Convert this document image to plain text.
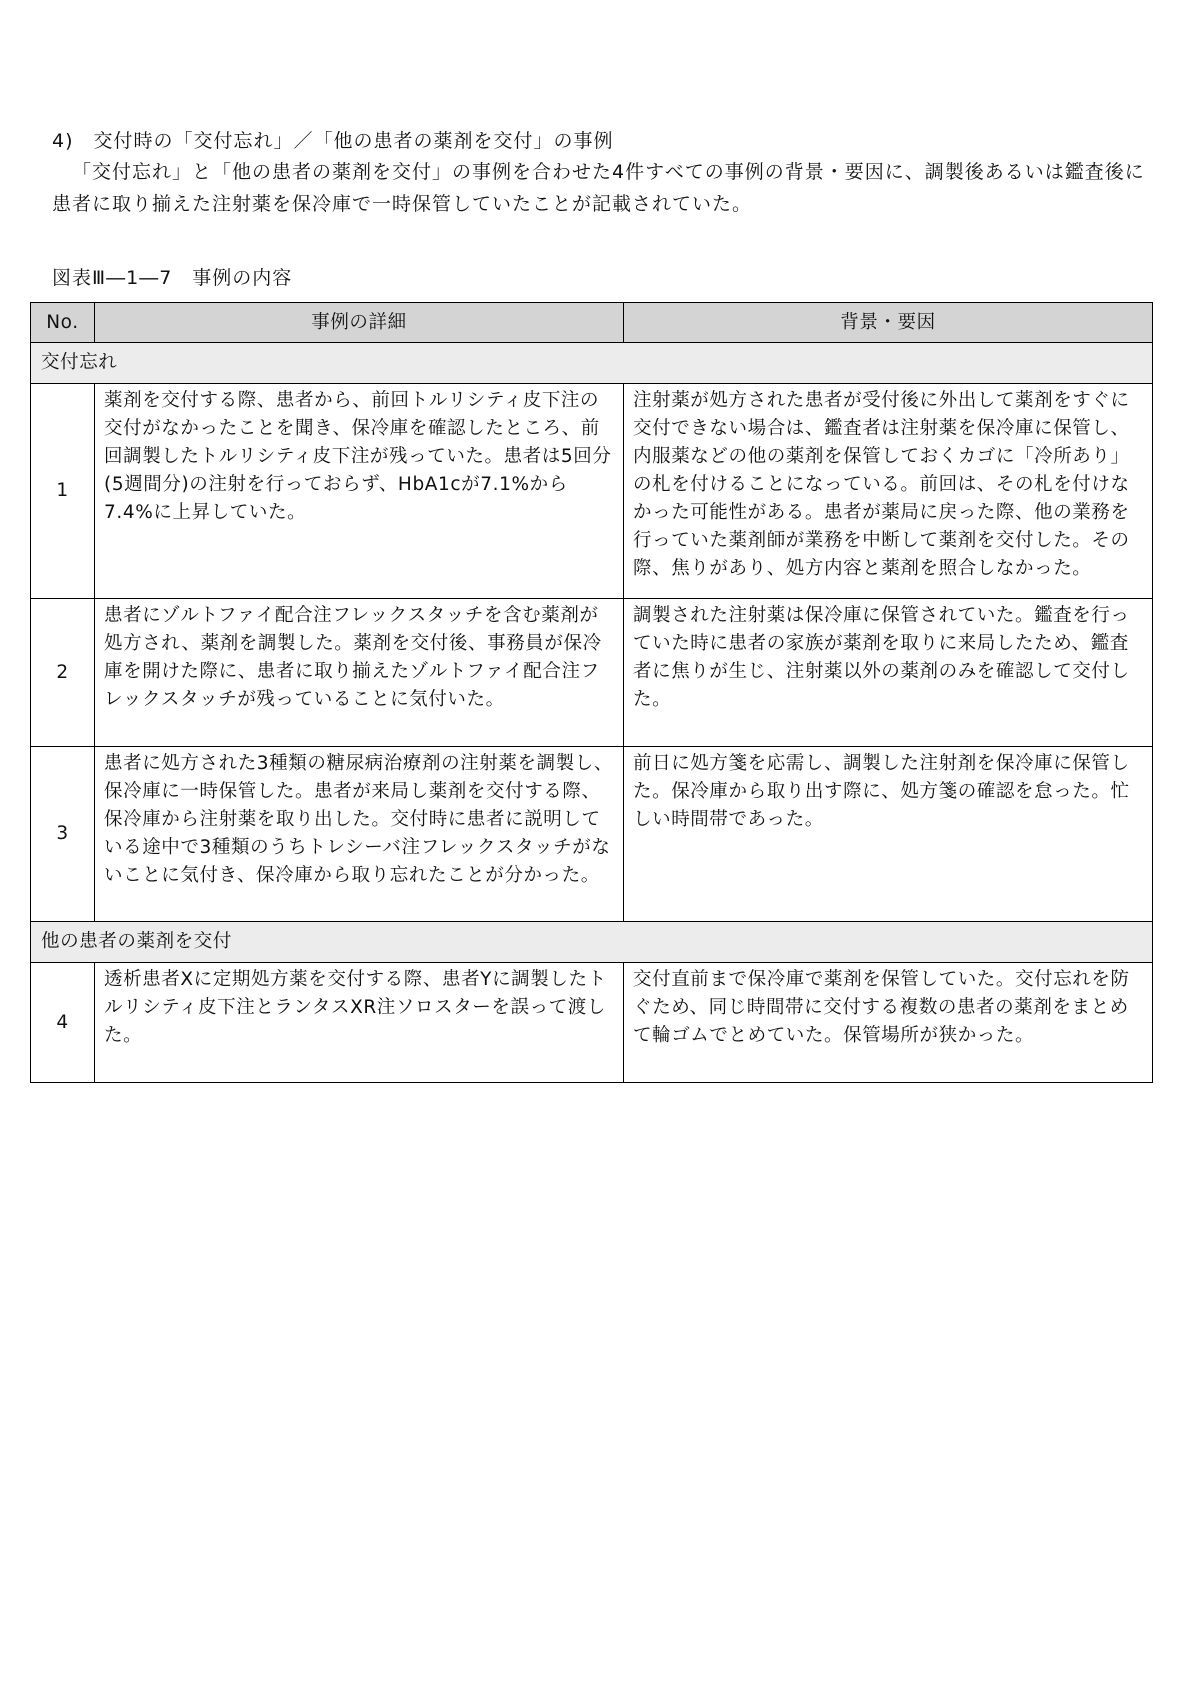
4)　交付時の「交付忘れ」／「他の患者の薬剤を交付」の事例

「交付忘れ」と「他の患者の薬剤を交付」の事例を合わせた4件すべての事例の背景・要因に、調製後あるいは鑑査後に患者に取り揃えた注射薬を保冷庫で一時保管していたことが記載されていた。

図表Ⅲ―1―7　事例の内容

No.	事例の詳細	背景・要因
交付忘れ		
1	薬剤を交付する際、患者から、前回トルリシティ皮下注の交付がなかったことを聞き、保冷庫を確認したところ、前回調製したトルリシティ皮下注が残っていた。患者は5回分(5週間分)の注射を行っておらず、HbA1cが7.1%から7.4%に上昇していた。	注射薬が処方された患者が受付後に外出して薬剤をすぐに交付できない場合は、鑑査者は注射薬を保冷庫に保管し、内服薬などの他の薬剤を保管しておくカゴに「冷所あり」の札を付けることになっている。前回は、その札を付けなかった可能性がある。患者が薬局に戻った際、他の業務を行っていた薬剤師が業務を中断して薬剤を交付した。その際、焦りがあり、処方内容と薬剤を照合しなかった。
2	患者にゾルトファイ配合注フレックスタッチを含む薬剤が処方され、薬剤を調製した。薬剤を交付後、事務員が保冷庫を開けた際に、患者に取り揃えたゾルトファイ配合注フレックスタッチが残っていることに気付いた。	調製された注射薬は保冷庫に保管されていた。鑑査を行っていた時に患者の家族が薬剤を取りに来局したため、鑑査者に焦りが生じ、注射薬以外の薬剤のみを確認して交付した。
3	患者に処方された3種類の糖尿病治療剤の注射薬を調製し、保冷庫に一時保管した。患者が来局し薬剤を交付する際、保冷庫から注射薬を取り出した。交付時に患者に説明している途中で3種類のうちトレシーバ注フレックスタッチがないことに気付き、保冷庫から取り忘れたことが分かった。	前日に処方箋を応需し、調製した注射剤を保冷庫に保管した。保冷庫から取り出す際に、処方箋の確認を怠った。忙しい時間帯であった。
他の患者の薬剤を交付		
4	透析患者Xに定期処方薬を交付する際、患者Yに調製したトルリシティ皮下注とランタスXR注ソロスターを誤って渡した。	交付直前まで保冷庫で薬剤を保管していた。交付忘れを防ぐため、同じ時間帯に交付する複数の患者の薬剤をまとめて輪ゴムでとめていた。保管場所が狭かった。
